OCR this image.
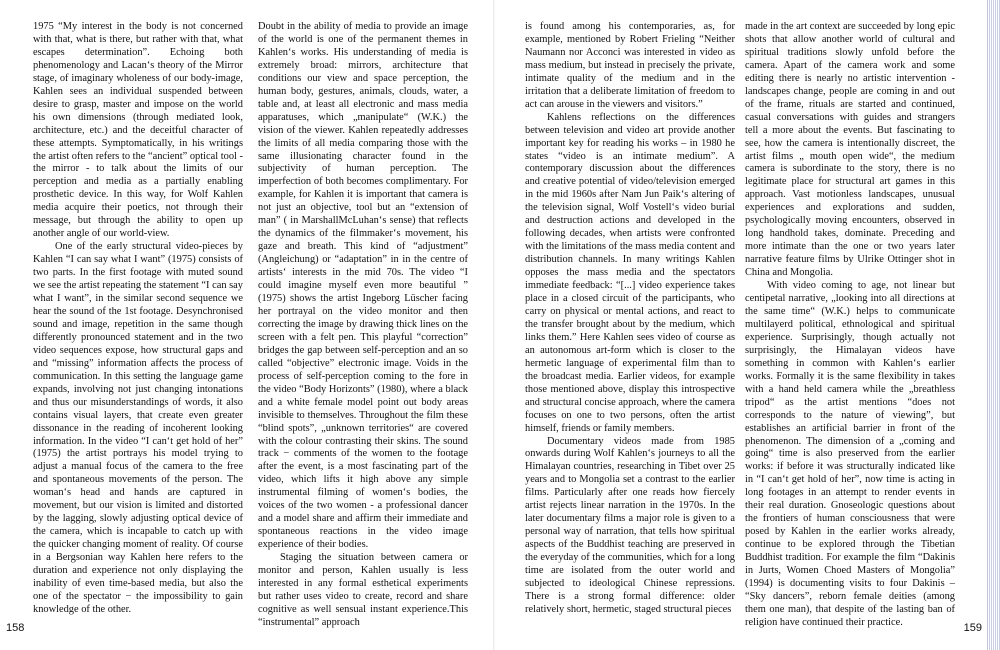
1975 “My interest in the body is not concerned with that, what is there, but rather with that, what escapes determination”. Echoing both phenomenology and Lacan‘s theory of the Mirror stage, of imaginary wholeness of our body-image, Kahlen sees an individual suspended between desire to grasp, master and impose on the world his own dimensions (through mediated look, architecture, etc.) and the deceitful character of these attempts. Symptomatically, in his writings the artist often refers to the “ancient” optical tool - the mirror - to talk about the limits of our perception and media as a partially enabling prosthetic device. In this way, for Wolf Kahlen media acquire their poetics, not through their message, but through the ability to open up another angle of our world-view.

One of the early structural video-pieces by Kahlen “I can say what I want” (1975) consists of two parts. In the first footage with muted sound we see the artist repeating the statement “I can say what I want”, in the similar second sequence we hear the sound of the 1st footage. Desynchronised sound and image, repetition in the same though differently pronounced statement and in the two video sequences expose, how structural gaps and and “missing” information affects the process of communication. In this setting the language game expands, involving not just changing intonations and thus our misunderstandings of words, it also contains visual layers, that create even greater dissonance in the reading of incoherent looking information. In the video “I can‘t get hold of her” (1975) the artist portrays his model trying to adjust a manual focus of the camera to the free and spontaneous movements of the person. The woman‘s head and hands are captured in movement, but our vision is limited and distorted by the lagging, slowly adjusting optical device of the camera, which is incapable to catch up with the quicker changing moment of reality. Of course in a Bergsonian way Kahlen here refers to the duration and experience not only displaying the inability of even time-based media, but also the one of the spectator − the impossibility to gain knowledge of the other.

Doubt in the ability of media to provide an image of the world is one of the permanent themes in Kahlen‘s works. His understanding of media is extremely broad: mirrors, architecture that conditions our view and space perception, the human body, gestures, animals, clouds, water, a table and, at least all electronic and mass media apparatuses, which „manipulate“ (W.K.) the vision of the viewer. Kahlen repeatedly addresses the limits of all media comparing those with the same illusionating character found in the subjectivity of human perception. The imperfection of both becomes complimentary. For example, for Kahlen it is important that camera is not just an objective, tool but an “extension of man” ( in MarshallMcLuhan‘s sense) that reflects the dynamics of the filmmaker‘s movement, his gaze and breath. This kind of “adjustment” (Angleichung) or “adaptation” in in the centre of artists‘ interests in the mid 70s. The video “I could imagine myself even more beautiful ” (1975) shows the artist Ingeborg Lüscher facing her portrayal on the video monitor and then correcting the image by drawing thick lines on the screen with a felt pen. This playful “correction” bridges the gap between self-perception and an so called “objective” electronic image. Voids in the process of self-perception coming to the fore in the video “Body Horizonts” (1980), where a black and a white female model point out body areas invisible to themselves. Throughout the film these “blind spots”, „unknown territories“ are covered with the colour contrasting their skins. The sound track − comments of the women to the footage after the event, is a most fascinating part of the video, which lifts it high above any simple instrumental filming of women‘s bodies, the voices of the two women - a professional dancer and a model share and affirm their immediate and spontaneous reactions in the video image experience of their bodies.

Staging the situation between camera or monitor and person, Kahlen usually is less interested in any formal esthetical experiments but rather uses video to create, record and share cognitive as well sensual instant experience.This “instrumental” approach

158

is found among his contemporaries, as, for example, mentioned by Robert Frieling “Neither Naumann nor Acconci was interested in video as mass medium, but instead in precisely the private, intimate quality of the medium and in the irritation that a deliberate limitation of freedom to act can arouse in the viewers and visitors.”

Kahlens reflections on the differences between television and video art provide another important key for reading his works – in 1980 he states “video is an intimate medium”. A contemporary discussion about the differences and creative potential of video/television emerged in the mid 1960s after Nam Jun Paik‘s altering of the television signal, Wolf Vostell‘s video burial and destruction actions and developed in the following decades, when artists were confronted with the limitations of the mass media content and distribution channels. In many writings Kahlen opposes the mass media and the spectators immediate feedback: “[...] video experience takes place in a closed circuit of the participants, who carry on physical or mental actions, and react to the transfer brought about by the medium, which links them.” Here Kahlen sees video of course as an autonomous art-form which is closer to the hermetic language of experimental film than to the broadcast media. Earlier videos, for example those mentioned above, display this introspective and structural concise approach, where the camera focuses on one to two persons, often the artist himself, friends or family members.

Documentary videos made from 1985 onwards during Wolf Kahlen‘s journeys to all the Himalayan countries, researching in Tibet over 25 years and to Mongolia set a contrast to the earlier films. Particularly after one reads how fiercely artist rejects linear narration in the 1970s. In the later documentary films a major role is given to a personal way of narration, that tells how spiritual aspects of the Buddhist teaching are preserved in the everyday of the communities, which for a long time are isolated from the outer world and subjected to ideological Chinese repressions. There is a strong formal difference: older relatively short, hermetic, staged structural pieces

made in the art context are succeeded by long epic shots that allow another world of cultural and spiritual traditions slowly unfold before the camera. Apart of the camera work and some editing there is nearly no artistic intervention - landscapes change, people are coming in and out of the frame, rituals are started and continued, casual conversations with guides and strangers tell a more about the events. But fascinating to see, how the camera is intentionally discreet, the artist films „ mouth open wide“, the medium camera is subordinate to the story, there is no legitimate place for structural art games in this approach. Vast motionless landscapes, unusual experiences and explorations and sudden, psychologically moving encounters, observed in long handhold takes, dominate. Preceding and more intimate than the one or two years later narrative feature films by Ulrike Ottinger shot in China and Mongolia.

With video coming to age, not linear but centipetal narrative, „looking into all directions at the same time“ (W.K.) helps to communicate multilayerd political, ethnological and spiritual experience. Surprisingly, though actually not surprisingly, the Himalayan videos have something in common with Kahlen‘s earlier works. Formally it is the same flexibility in takes with a hand held camera while the „breathless tripod“ as the artist mentions “does not corresponds to the nature of viewing”, but establishes an artificial barrier in front of the phenomenon. The dimension of a „coming and going“ time is also preserved from the earlier works: if before it was structurally indicated like in “I can‘t get hold of her”, now time is acting in long footages in an attempt to render events in their real duration. Gnoseologic questions about the frontiers of human consciousness that were posed by Kahlen in the earlier works already, continue to be explored through the Tibetian Buddhist tradition. For example the film “Dakinis in Jurts, Women Choed Masters of Mongolia” (1994) is documenting visits to four Dakinis – “Sky dancers”, reborn female deities (among them one man), that despite of the lasting ban of religion have continued their practice.	159
